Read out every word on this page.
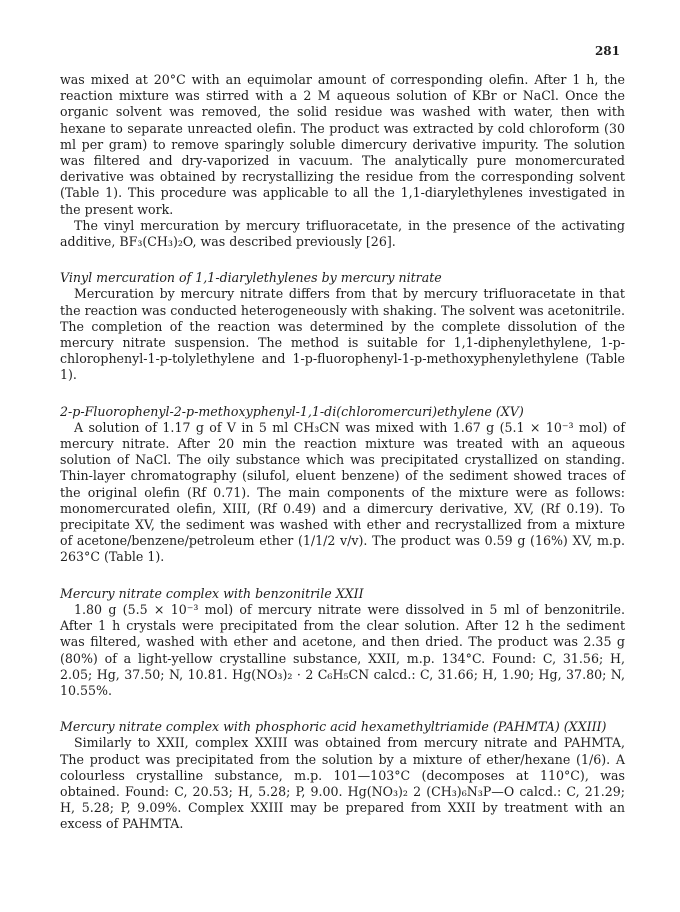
281

was mixed at 20°C with an equimolar amount of corresponding olefin. After 1 h, the reaction mixture was stirred with a 2 M aqueous solution of KBr or NaCl. Once the organic solvent was removed, the solid residue was washed with water, then with hexane to separate unreacted olefin. The product was extracted by cold chloroform (30 ml per gram) to remove sparingly soluble dimercury derivative impurity. The solution was filtered and dry-vaporized in vacuum. The analytically pure monomercurated derivative was obtained by recrystallizing the residue from the corresponding solvent (Table 1). This procedure was applicable to all the 1,1-diarylethylenes investigated in the present work.

The vinyl mercuration by mercury trifluoracetate, in the presence of the activating additive, BF₃(CH₃)₂O, was described previously [26].

Vinyl mercuration of 1,1-diarylethylenes by mercury nitrate

Mercuration by mercury nitrate differs from that by mercury trifluoracetate in that the reaction was conducted heterogeneously with shaking. The solvent was acetonitrile. The completion of the reaction was determined by the complete dissolution of the mercury nitrate suspension. The method is suitable for 1,1-diphenylethylene, 1-p-chlorophenyl-1-p-tolylethylene and 1-p-fluorophenyl-1-p-methoxyphenylethylene (Table 1).

2-p-Fluorophenyl-2-p-methoxyphenyl-1,1-di(chloromercuri)ethylene (XV)

A solution of 1.17 g of V in 5 ml CH₃CN was mixed with 1.67 g (5.1 × 10⁻³ mol) of mercury nitrate. After 20 min the reaction mixture was treated with an aqueous solution of NaCl. The oily substance which was precipitated crystallized on standing. Thin-layer chromatography (silufol, eluent benzene) of the sediment showed traces of the original olefin (Rf 0.71). The main components of the mixture were as follows: monomercurated olefin, XIII, (Rf 0.49) and a dimercury derivative, XV, (Rf 0.19). To precipitate XV, the sediment was washed with ether and recrystallized from a mixture of acetone/benzene/petroleum ether (1/1/2 v/v). The product was 0.59 g (16%) XV, m.p. 263°C (Table 1).

Mercury nitrate complex with benzonitrile XXII

1.80 g (5.5 × 10⁻³ mol) of mercury nitrate were dissolved in 5 ml of benzonitrile. After 1 h crystals were precipitated from the clear solution. After 12 h the sediment was filtered, washed with ether and acetone, and then dried. The product was 2.35 g (80%) of a light-yellow crystalline substance, XXII, m.p. 134°C. Found: C, 31.56; H, 2.05; Hg, 37.50; N, 10.81. Hg(NO₃)₂ · 2 C₆H₅CN calcd.: C, 31.66; H, 1.90; Hg, 37.80; N, 10.55%.

Mercury nitrate complex with phosphoric acid hexamethyltriamide (PAHMTA) (XXIII)

Similarly to XXII, complex XXIII was obtained from mercury nitrate and PAHMTA, The product was precipitated from the solution by a mixture of ether/hexane (1/6). A colourless crystalline substance, m.p. 101—103°C (decomposes at 110°C), was obtained. Found: C, 20.53; H, 5.28; P, 9.00. Hg(NO₃)₂ 2 (CH₃)₆N₃P—O calcd.: C, 21.29; H, 5.28; P, 9.09%. Complex XXIII may be prepared from XXII by treatment with an excess of PAHMTA.
